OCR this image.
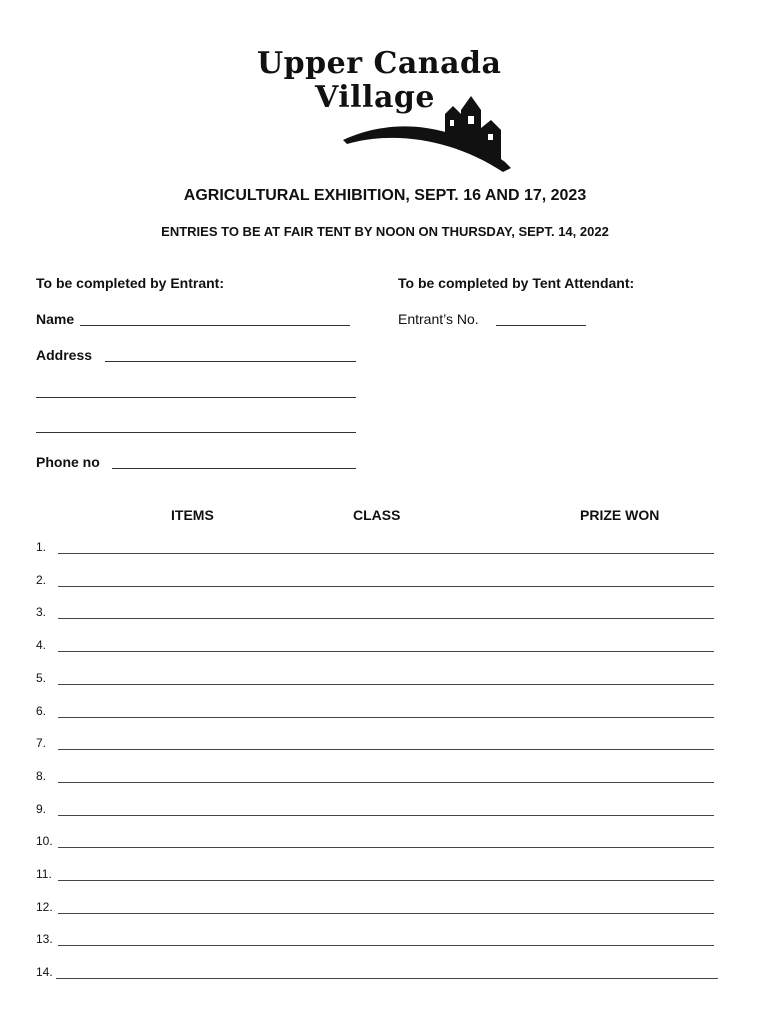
Upper Canada
Village
AGRICULTURAL EXHIBITION, SEPT. 16 AND 17, 2023
ENTRIES TO BE AT FAIR TENT BY NOON ON THURSDAY, SEPT. 14, 2022
To be completed by Entrant:	To be completed by Tent Attendant:
Name	Entrant’s No.
Address
Phone no
ITEMS	CLASS	PRIZE WON
1.
2.
3.
4.
5.
6.
7.
8.
9.
10.
11.
12.
13.
14.
